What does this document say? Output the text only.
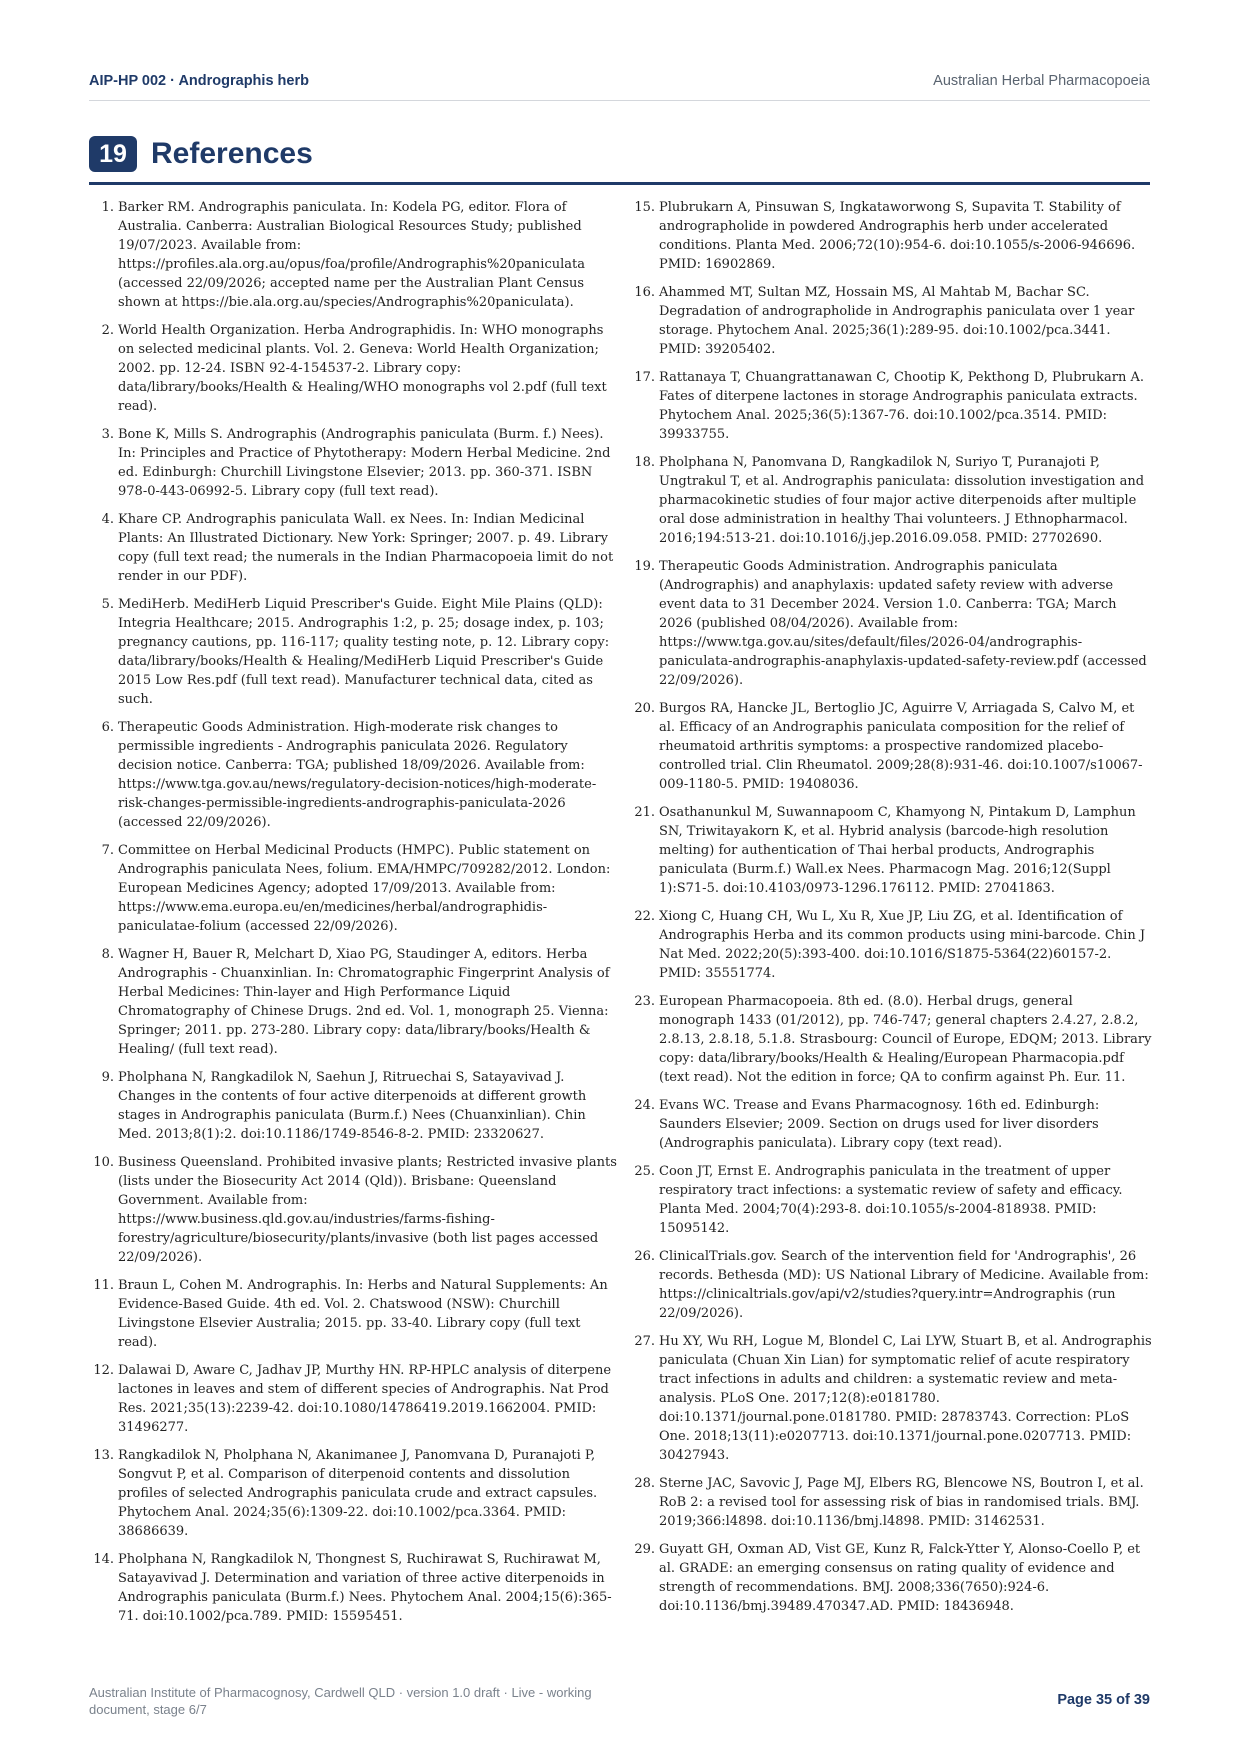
AIP-HP 002 · Andrographis herb	Australian Herbal Pharmacopoeia
19 References
1. Barker RM. Andrographis paniculata. In: Kodela PG, editor. Flora of Australia. Canberra: Australian Biological Resources Study; published 19/07/2023. Available from: https://profiles.ala.org.au/opus/foa/profile/Andrographis%20paniculata (accessed 22/09/2026; accepted name per the Australian Plant Census shown at https://bie.ala.org.au/species/Andrographis%20paniculata).
2. World Health Organization. Herba Andrographidis. In: WHO monographs on selected medicinal plants. Vol. 2. Geneva: World Health Organization; 2002. pp. 12-24. ISBN 92-4-154537-2. Library copy: data/library/books/Health & Healing/WHO monographs vol 2.pdf (full text read).
3. Bone K, Mills S. Andrographis (Andrographis paniculata (Burm. f.) Nees). In: Principles and Practice of Phytotherapy: Modern Herbal Medicine. 2nd ed. Edinburgh: Churchill Livingstone Elsevier; 2013. pp. 360-371. ISBN 978-0-443-06992-5. Library copy (full text read).
4. Khare CP. Andrographis paniculata Wall. ex Nees. In: Indian Medicinal Plants: An Illustrated Dictionary. New York: Springer; 2007. p. 49. Library copy (full text read; the numerals in the Indian Pharmacopoeia limit do not render in our PDF).
5. MediHerb. MediHerb Liquid Prescriber's Guide. Eight Mile Plains (QLD): Integria Healthcare; 2015. Andrographis 1:2, p. 25; dosage index, p. 103; pregnancy cautions, pp. 116-117; quality testing note, p. 12. Library copy: data/library/books/Health & Healing/MediHerb Liquid Prescriber's Guide 2015 Low Res.pdf (full text read). Manufacturer technical data, cited as such.
6. Therapeutic Goods Administration. High-moderate risk changes to permissible ingredients - Andrographis paniculata 2026. Regulatory decision notice. Canberra: TGA; published 18/09/2026. Available from: https://www.tga.gov.au/news/regulatory-decision-notices/high-moderate-risk-changes-permissible-ingredients-andrographis-paniculata-2026 (accessed 22/09/2026).
7. Committee on Herbal Medicinal Products (HMPC). Public statement on Andrographis paniculata Nees, folium. EMA/HMPC/709282/2012. London: European Medicines Agency; adopted 17/09/2013. Available from: https://www.ema.europa.eu/en/medicines/herbal/andrographidis-paniculatae-folium (accessed 22/09/2026).
8. Wagner H, Bauer R, Melchart D, Xiao PG, Staudinger A, editors. Herba Andrographis - Chuanxinlian. In: Chromatographic Fingerprint Analysis of Herbal Medicines: Thin-layer and High Performance Liquid Chromatography of Chinese Drugs. 2nd ed. Vol. 1, monograph 25. Vienna: Springer; 2011. pp. 273-280. Library copy: data/library/books/Health & Healing/ (full text read).
9. Pholphana N, Rangkadilok N, Saehun J, Ritruechai S, Satayavivad J. Changes in the contents of four active diterpenoids at different growth stages in Andrographis paniculata (Burm.f.) Nees (Chuanxinlian). Chin Med. 2013;8(1):2. doi:10.1186/1749-8546-8-2. PMID: 23320627.
10. Business Queensland. Prohibited invasive plants; Restricted invasive plants (lists under the Biosecurity Act 2014 (Qld)). Brisbane: Queensland Government. Available from: https://www.business.qld.gov.au/industries/farms-fishing-forestry/agriculture/biosecurity/plants/invasive (both list pages accessed 22/09/2026).
11. Braun L, Cohen M. Andrographis. In: Herbs and Natural Supplements: An Evidence-Based Guide. 4th ed. Vol. 2. Chatswood (NSW): Churchill Livingstone Elsevier Australia; 2015. pp. 33-40. Library copy (full text read).
12. Dalawai D, Aware C, Jadhav JP, Murthy HN. RP-HPLC analysis of diterpene lactones in leaves and stem of different species of Andrographis. Nat Prod Res. 2021;35(13):2239-42. doi:10.1080/14786419.2019.1662004. PMID: 31496277.
13. Rangkadilok N, Pholphana N, Akanimanee J, Panomvana D, Puranajoti P, Songvut P, et al. Comparison of diterpenoid contents and dissolution profiles of selected Andrographis paniculata crude and extract capsules. Phytochem Anal. 2024;35(6):1309-22. doi:10.1002/pca.3364. PMID: 38686639.
14. Pholphana N, Rangkadilok N, Thongnest S, Ruchirawat S, Ruchirawat M, Satayavivad J. Determination and variation of three active diterpenoids in Andrographis paniculata (Burm.f.) Nees. Phytochem Anal. 2004;15(6):365-71. doi:10.1002/pca.789. PMID: 15595451.
15. Plubrukarn A, Pinsuwan S, Ingkataworwong S, Supavita T. Stability of andrographolide in powdered Andrographis herb under accelerated conditions. Planta Med. 2006;72(10):954-6. doi:10.1055/s-2006-946696. PMID: 16902869.
16. Ahammed MT, Sultan MZ, Hossain MS, Al Mahtab M, Bachar SC. Degradation of andrographolide in Andrographis paniculata over 1 year storage. Phytochem Anal. 2025;36(1):289-95. doi:10.1002/pca.3441. PMID: 39205402.
17. Rattanaya T, Chuangrattanawan C, Chootip K, Pekthong D, Plubrukarn A. Fates of diterpene lactones in storage Andrographis paniculata extracts. Phytochem Anal. 2025;36(5):1367-76. doi:10.1002/pca.3514. PMID: 39933755.
18. Pholphana N, Panomvana D, Rangkadilok N, Suriyo T, Puranajoti P, Ungtrakul T, et al. Andrographis paniculata: dissolution investigation and pharmacokinetic studies of four major active diterpenoids after multiple oral dose administration in healthy Thai volunteers. J Ethnopharmacol. 2016;194:513-21. doi:10.1016/j.jep.2016.09.058. PMID: 27702690.
19. Therapeutic Goods Administration. Andrographis paniculata (Andrographis) and anaphylaxis: updated safety review with adverse event data to 31 December 2024. Version 1.0. Canberra: TGA; March 2026 (published 08/04/2026). Available from: https://www.tga.gov.au/sites/default/files/2026-04/andrographis-paniculata-andrographis-anaphylaxis-updated-safety-review.pdf (accessed 22/09/2026).
20. Burgos RA, Hancke JL, Bertoglio JC, Aguirre V, Arriagada S, Calvo M, et al. Efficacy of an Andrographis paniculata composition for the relief of rheumatoid arthritis symptoms: a prospective randomized placebo-controlled trial. Clin Rheumatol. 2009;28(8):931-46. doi:10.1007/s10067-009-1180-5. PMID: 19408036.
21. Osathanunkul M, Suwannapoom C, Khamyong N, Pintakum D, Lamphun SN, Triwitayakorn K, et al. Hybrid analysis (barcode-high resolution melting) for authentication of Thai herbal products, Andrographis paniculata (Burm.f.) Wall.ex Nees. Pharmacogn Mag. 2016;12(Suppl 1):S71-5. doi:10.4103/0973-1296.176112. PMID: 27041863.
22. Xiong C, Huang CH, Wu L, Xu R, Xue JP, Liu ZG, et al. Identification of Andrographis Herba and its common products using mini-barcode. Chin J Nat Med. 2022;20(5):393-400. doi:10.1016/S1875-5364(22)60157-2. PMID: 35551774.
23. European Pharmacopoeia. 8th ed. (8.0). Herbal drugs, general monograph 1433 (01/2012), pp. 746-747; general chapters 2.4.27, 2.8.2, 2.8.13, 2.8.18, 5.1.8. Strasbourg: Council of Europe, EDQM; 2013. Library copy: data/library/books/Health & Healing/European Pharmacopia.pdf (text read). Not the edition in force; QA to confirm against Ph. Eur. 11.
24. Evans WC. Trease and Evans Pharmacognosy. 16th ed. Edinburgh: Saunders Elsevier; 2009. Section on drugs used for liver disorders (Andrographis paniculata). Library copy (text read).
25. Coon JT, Ernst E. Andrographis paniculata in the treatment of upper respiratory tract infections: a systematic review of safety and efficacy. Planta Med. 2004;70(4):293-8. doi:10.1055/s-2004-818938. PMID: 15095142.
26. ClinicalTrials.gov. Search of the intervention field for 'Andrographis', 26 records. Bethesda (MD): US National Library of Medicine. Available from: https://clinicaltrials.gov/api/v2/studies?query.intr=Andrographis (run 22/09/2026).
27. Hu XY, Wu RH, Logue M, Blondel C, Lai LYW, Stuart B, et al. Andrographis paniculata (Chuan Xin Lian) for symptomatic relief of acute respiratory tract infections in adults and children: a systematic review and meta-analysis. PLoS One. 2017;12(8):e0181780. doi:10.1371/journal.pone.0181780. PMID: 28783743. Correction: PLoS One. 2018;13(11):e0207713. doi:10.1371/journal.pone.0207713. PMID: 30427943.
28. Sterne JAC, Savovic J, Page MJ, Elbers RG, Blencowe NS, Boutron I, et al. RoB 2: a revised tool for assessing risk of bias in randomised trials. BMJ. 2019;366:l4898. doi:10.1136/bmj.l4898. PMID: 31462531.
29. Guyatt GH, Oxman AD, Vist GE, Kunz R, Falck-Ytter Y, Alonso-Coello P, et al. GRADE: an emerging consensus on rating quality of evidence and strength of recommendations. BMJ. 2008;336(7650):924-6. doi:10.1136/bmj.39489.470347.AD. PMID: 18436948.
Australian Institute of Pharmacognosy, Cardwell QLD · version 1.0 draft · Live - working document, stage 6/7
Page 35 of 39
